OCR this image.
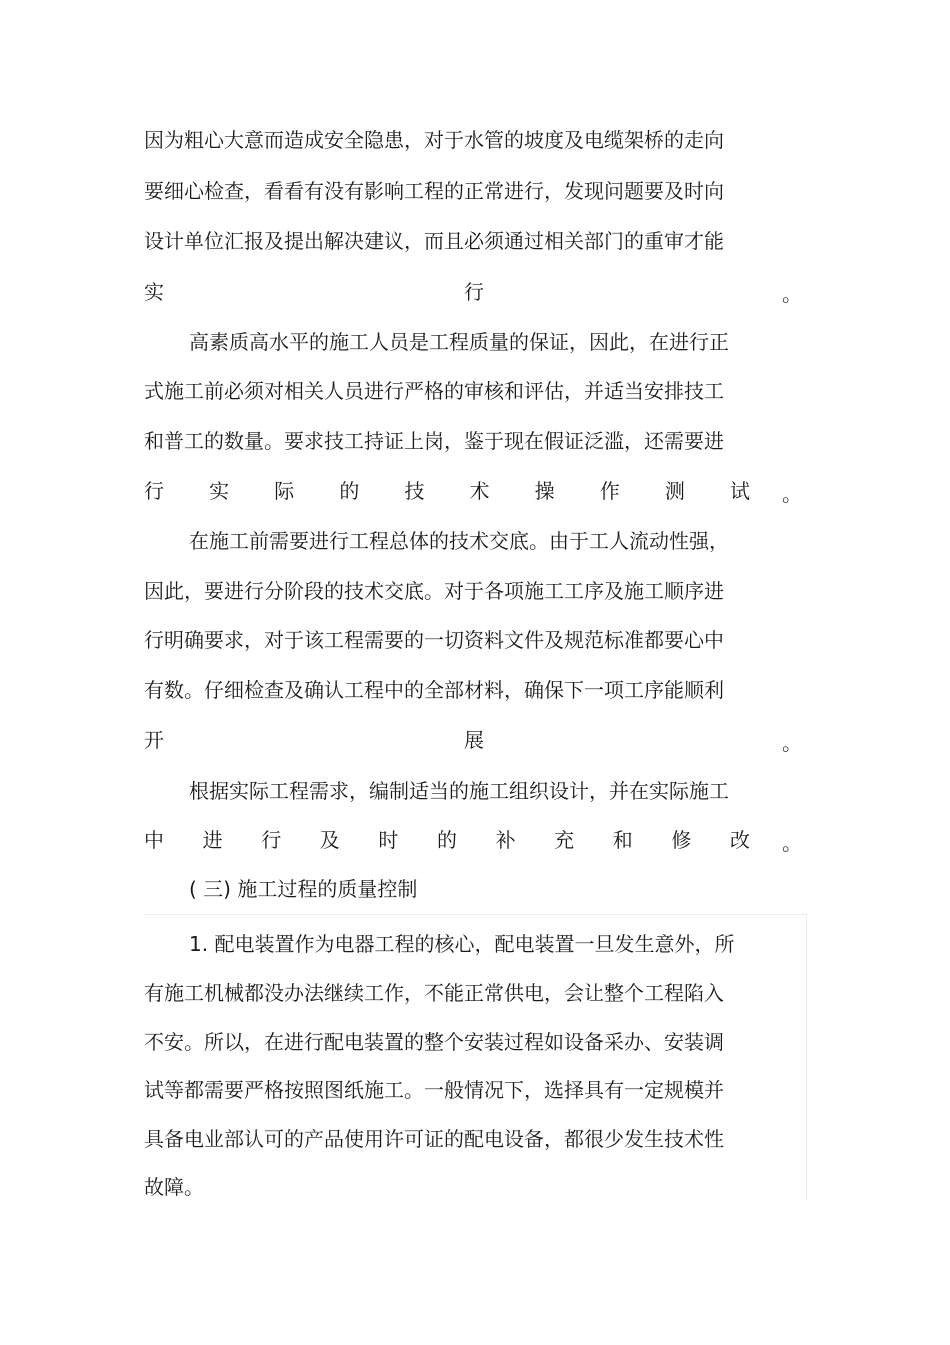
因为粗心大意而造成安全隐患，对于水管的坡度及电缆架桥的走向
要细心检查，看看有没有影响工程的正常进行，发现问题要及时向
设计单位汇报及提出解决建议，而且必须通过相关部门的重审才能
实	行	。
高素质高水平的施工人员是工程质量的保证，因此，在进行正
式施工前必须对相关人员进行严格的审核和评估，并适当安排技工
和普工的数量。要求技工持证上岗，鉴于现在假证泛滥，还需要进
行 实 际 的 技 术 操 作 测 试 。
在施工前需要进行工程总体的技术交底。由于工人流动性强，
因此，要进行分阶段的技术交底。对于各项施工工序及施工顺序进
行明确要求，对于该工程需要的一切资料文件及规范标准都要心中
有数。仔细检查及确认工程中的全部材料，确保下一项工序能顺利
开	展	。
根据实际工程需求，编制适当的施工组织设计，并在实际施工
中 进 行 及 时 的 补 充 和 修 改 。
( 三) 施工过程的质量控制
1. 配电装置作为电器工程的核心，配电装置一旦发生意外，所
有施工机械都没办法继续工作，不能正常供电，会让整个工程陷入
不安。所以，在进行配电装置的整个安装过程如设备采办、安装调
试等都需要严格按照图纸施工。一般情况下，选择具有一定规模并
具备电业部认可的产品使用许可证的配电设备，都很少发生技术性
故障。
